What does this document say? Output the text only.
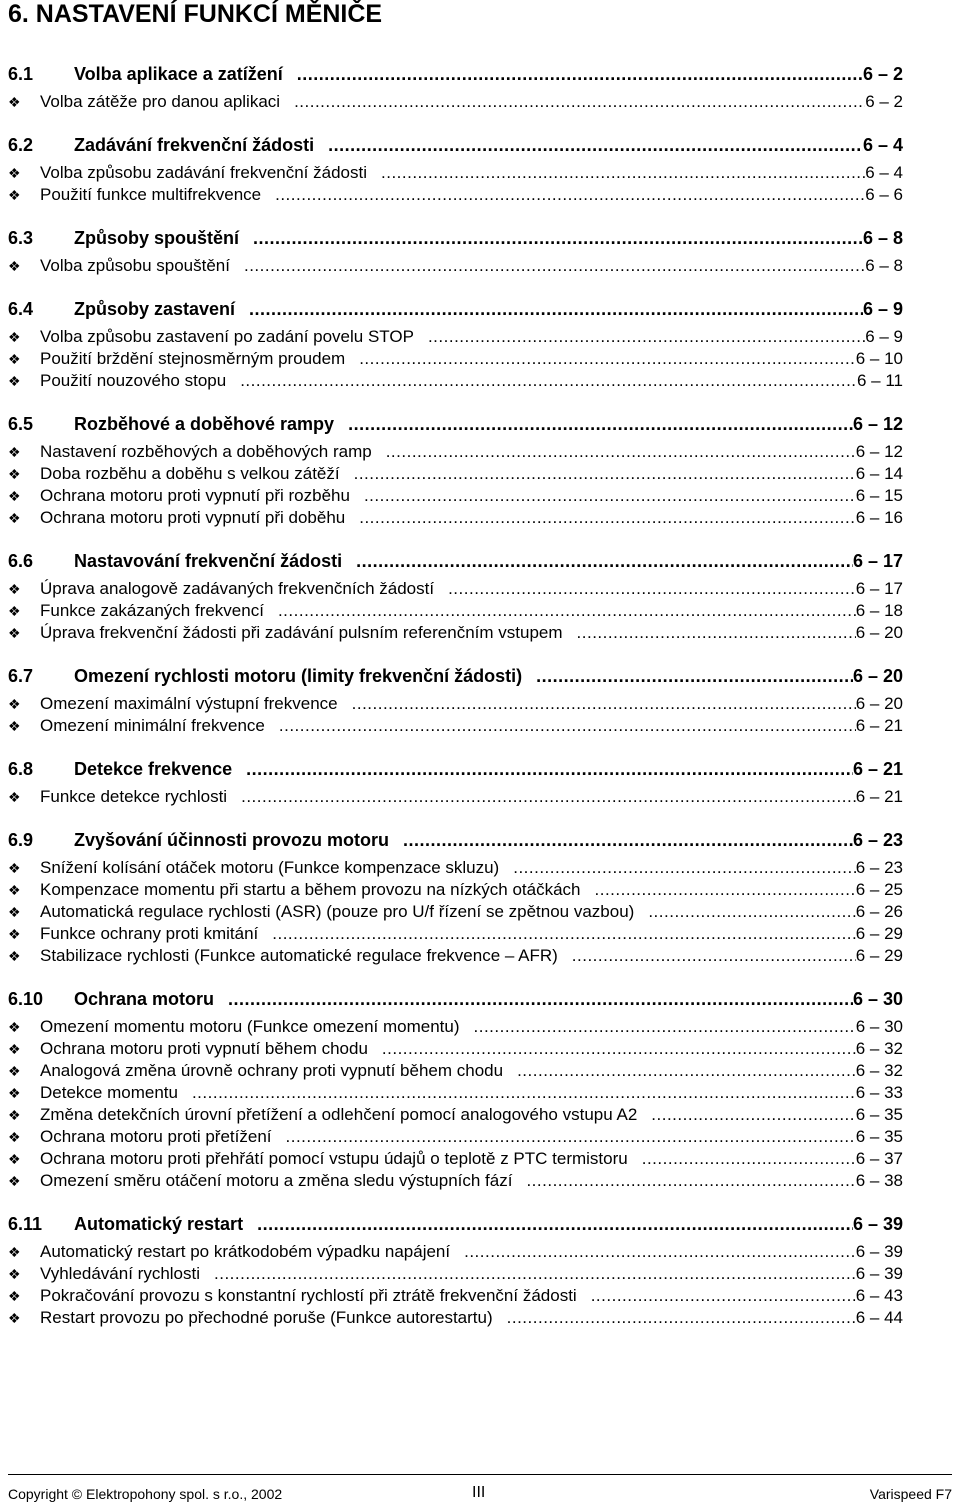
6. NASTAVENÍ FUNKCÍ MĚNIČE
6.1	Volba aplikace a zatížení .....	6 – 2
❖	Volba zátěže pro danou aplikaci .....	6 – 2
6.2	Zadávání frekvenční žádosti .....	6 – 4
❖	Volba způsobu zadávání frekvenční žádosti .....	6 – 4
❖	Použití funkce multifrekvence .....	6 – 6
6.3	Způsoby spouštění .....	6 – 8
❖	Volba způsobu spouštění .....	6 – 8
6.4	Způsoby zastavení .....	6 – 9
❖	Volba způsobu zastavení po zadání povelu STOP .....	6 – 9
❖	Použití brždění stejnosměrným proudem .....	6 – 10
❖	Použití nouzového stopu .....	6 – 11
6.5	Rozběhové a doběhové rampy .....	6 – 12
❖	Nastavení rozběhových a doběhových ramp .....	6 – 12
❖	Doba rozběhu a doběhu s velkou zátěží .....	6 – 14
❖	Ochrana motoru proti vypnutí při rozběhu .....	6 – 15
❖	Ochrana motoru proti vypnutí při doběhu .....	6 – 16
6.6	Nastavování frekvenční žádosti .....	6 – 17
❖	Úprava analogově zadávaných frekvenčních žádostí .....	6 – 17
❖	Funkce zakázaných frekvencí .....	6 – 18
❖	Úprava frekvenční žádosti při zadávání pulsním referenčním vstupem .....	6 – 20
6.7	Omezení rychlosti motoru (limity frekvenční žádosti) .....	6 – 20
❖	Omezení maximální výstupní frekvence .....	6 – 20
❖	Omezení minimální frekvence .....	6 – 21
6.8	Detekce frekvence .....	6 – 21
❖	Funkce detekce rychlosti .....	6 – 21
6.9	Zvyšování účinnosti provozu motoru .....	6 – 23
❖	Snížení kolísání otáček motoru (Funkce kompenzace skluzu) .....	6 – 23
❖	Kompenzace momentu při startu a během provozu na nízkých otáčkách .....	6 – 25
❖	Automatická regulace rychlosti (ASR) (pouze pro U/f řízení se zpětnou vazbou) .....	6 – 26
❖	Funkce ochrany proti kmitání .....	6 – 29
❖	Stabilizace rychlosti (Funkce automatické regulace frekvence – AFR) .....	6 – 29
6.10	Ochrana motoru .....	6 – 30
❖	Omezení momentu motoru (Funkce omezení momentu) .....	6 – 30
❖	Ochrana motoru proti vypnutí během chodu .....	6 – 32
❖	Analogová změna úrovně ochrany proti vypnutí během chodu .....	6 – 32
❖	Detekce momentu .....	6 – 33
❖	Změna detekčních úrovní přetížení a odlehčení pomocí analogového vstupu A2 .....	6 – 35
❖	Ochrana motoru proti přetížení .....	6 – 35
❖	Ochrana motoru proti přehřátí pomocí vstupu údajů o teplotě z PTC termistoru .....	6 – 37
❖	Omezení směru otáčení motoru a změna sledu výstupních fází .....	6 – 38
6.11	Automatický restart .....	6 – 39
❖	Automatický restart po krátkodobém výpadku napájení .....	6 – 39
❖	Vyhledávání rychlosti .....	6 – 39
❖	Pokračování provozu s konstantní rychlostí při ztrátě frekvenční žádosti .....	6 – 43
❖	Restart provozu po přechodné poruše (Funkce autorestartu) .....	6 – 44
Copyright © Elektropohony spol. s r.o., 2002	III	Varispeed F7
